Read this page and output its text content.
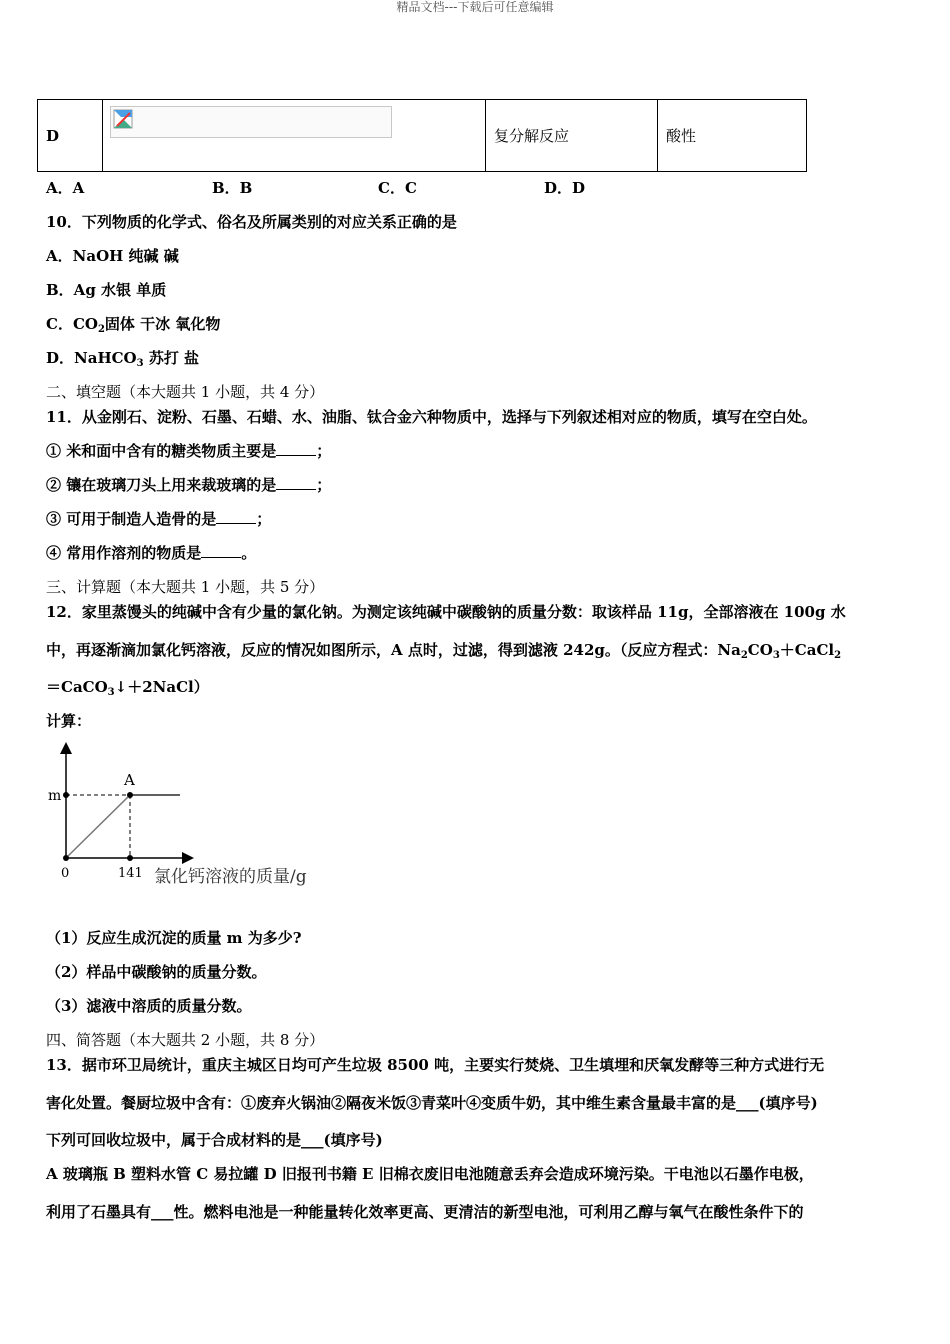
精品文档---下载后可任意编辑
D		复分解反应	酸性
A．A	B．B	C．C	D．D
10．下列物质的化学式、俗名及所属类别的对应关系正确的是
A．NaOH 纯碱 碱
B．Ag 水银 单质
C．$CO_2$固体 干冰 氧化物
D．NaHCO$_3$ 苏打 盐
二、填空题（本大题共 1 小题，共 4 分）
11．从金刚石、淀粉、石墨、石蜡、水、油脂、钛合金六种物质中，选择与下列叙述相对应的物质，填写在空白处。
① 米和面中含有的糖类物质主要是	；
② 镶在玻璃刀头上用来裁玻璃的是	；
③ 可用于制造人造骨的是	；
④ 常用作溶剂的物质是	。
三、计算题（本大题共 1 小题，共 5 分）
12．家里蒸馒头的纯碱中含有少量的氯化钠。为测定该纯碱中碳酸钠的质量分数：取该样品 11g，全部溶液在 100g 水
中，再逐渐滴加氯化钙溶液，反应的情况如图所示，A 点时，过滤，得到滤液 242g。（反应方程式：$Na_2CO_3+CaCl_2$
＝CaCO$_3$↓＋2NaCl）
计算：
m
A
0	141 氯化钙溶液的质量/g
（1）反应生成沉淀的质量 m 为多少?
（2）样品中碳酸钠的质量分数。
（3）滤液中溶质的质量分数。
四、简答题（本大题共 2 小题，共 8 分）
13．据市环卫局统计，重庆主城区日均可产生垃圾 8500 吨，主要实行焚烧、卫生填埋和厌氧发酵等三种方式进行无
害化处置。餐厨垃圾中含有：①废弃火锅油②隔夜米饭③青菜叶④变质牛奶，其中维生素含量最丰富的是___(填序号)
下列可回收垃圾中，属于合成材料的是___(填序号)
A 玻璃瓶 B 塑料水管 C 易拉罐 D 旧报刊书籍 E 旧棉衣废旧电池随意丢弃会造成环境污染。干电池以石墨作电极，
利用了石墨具有___性。燃料电池是一种能量转化效率更高、更清洁的新型电池，可利用乙醇与氧气在酸性条件下的
